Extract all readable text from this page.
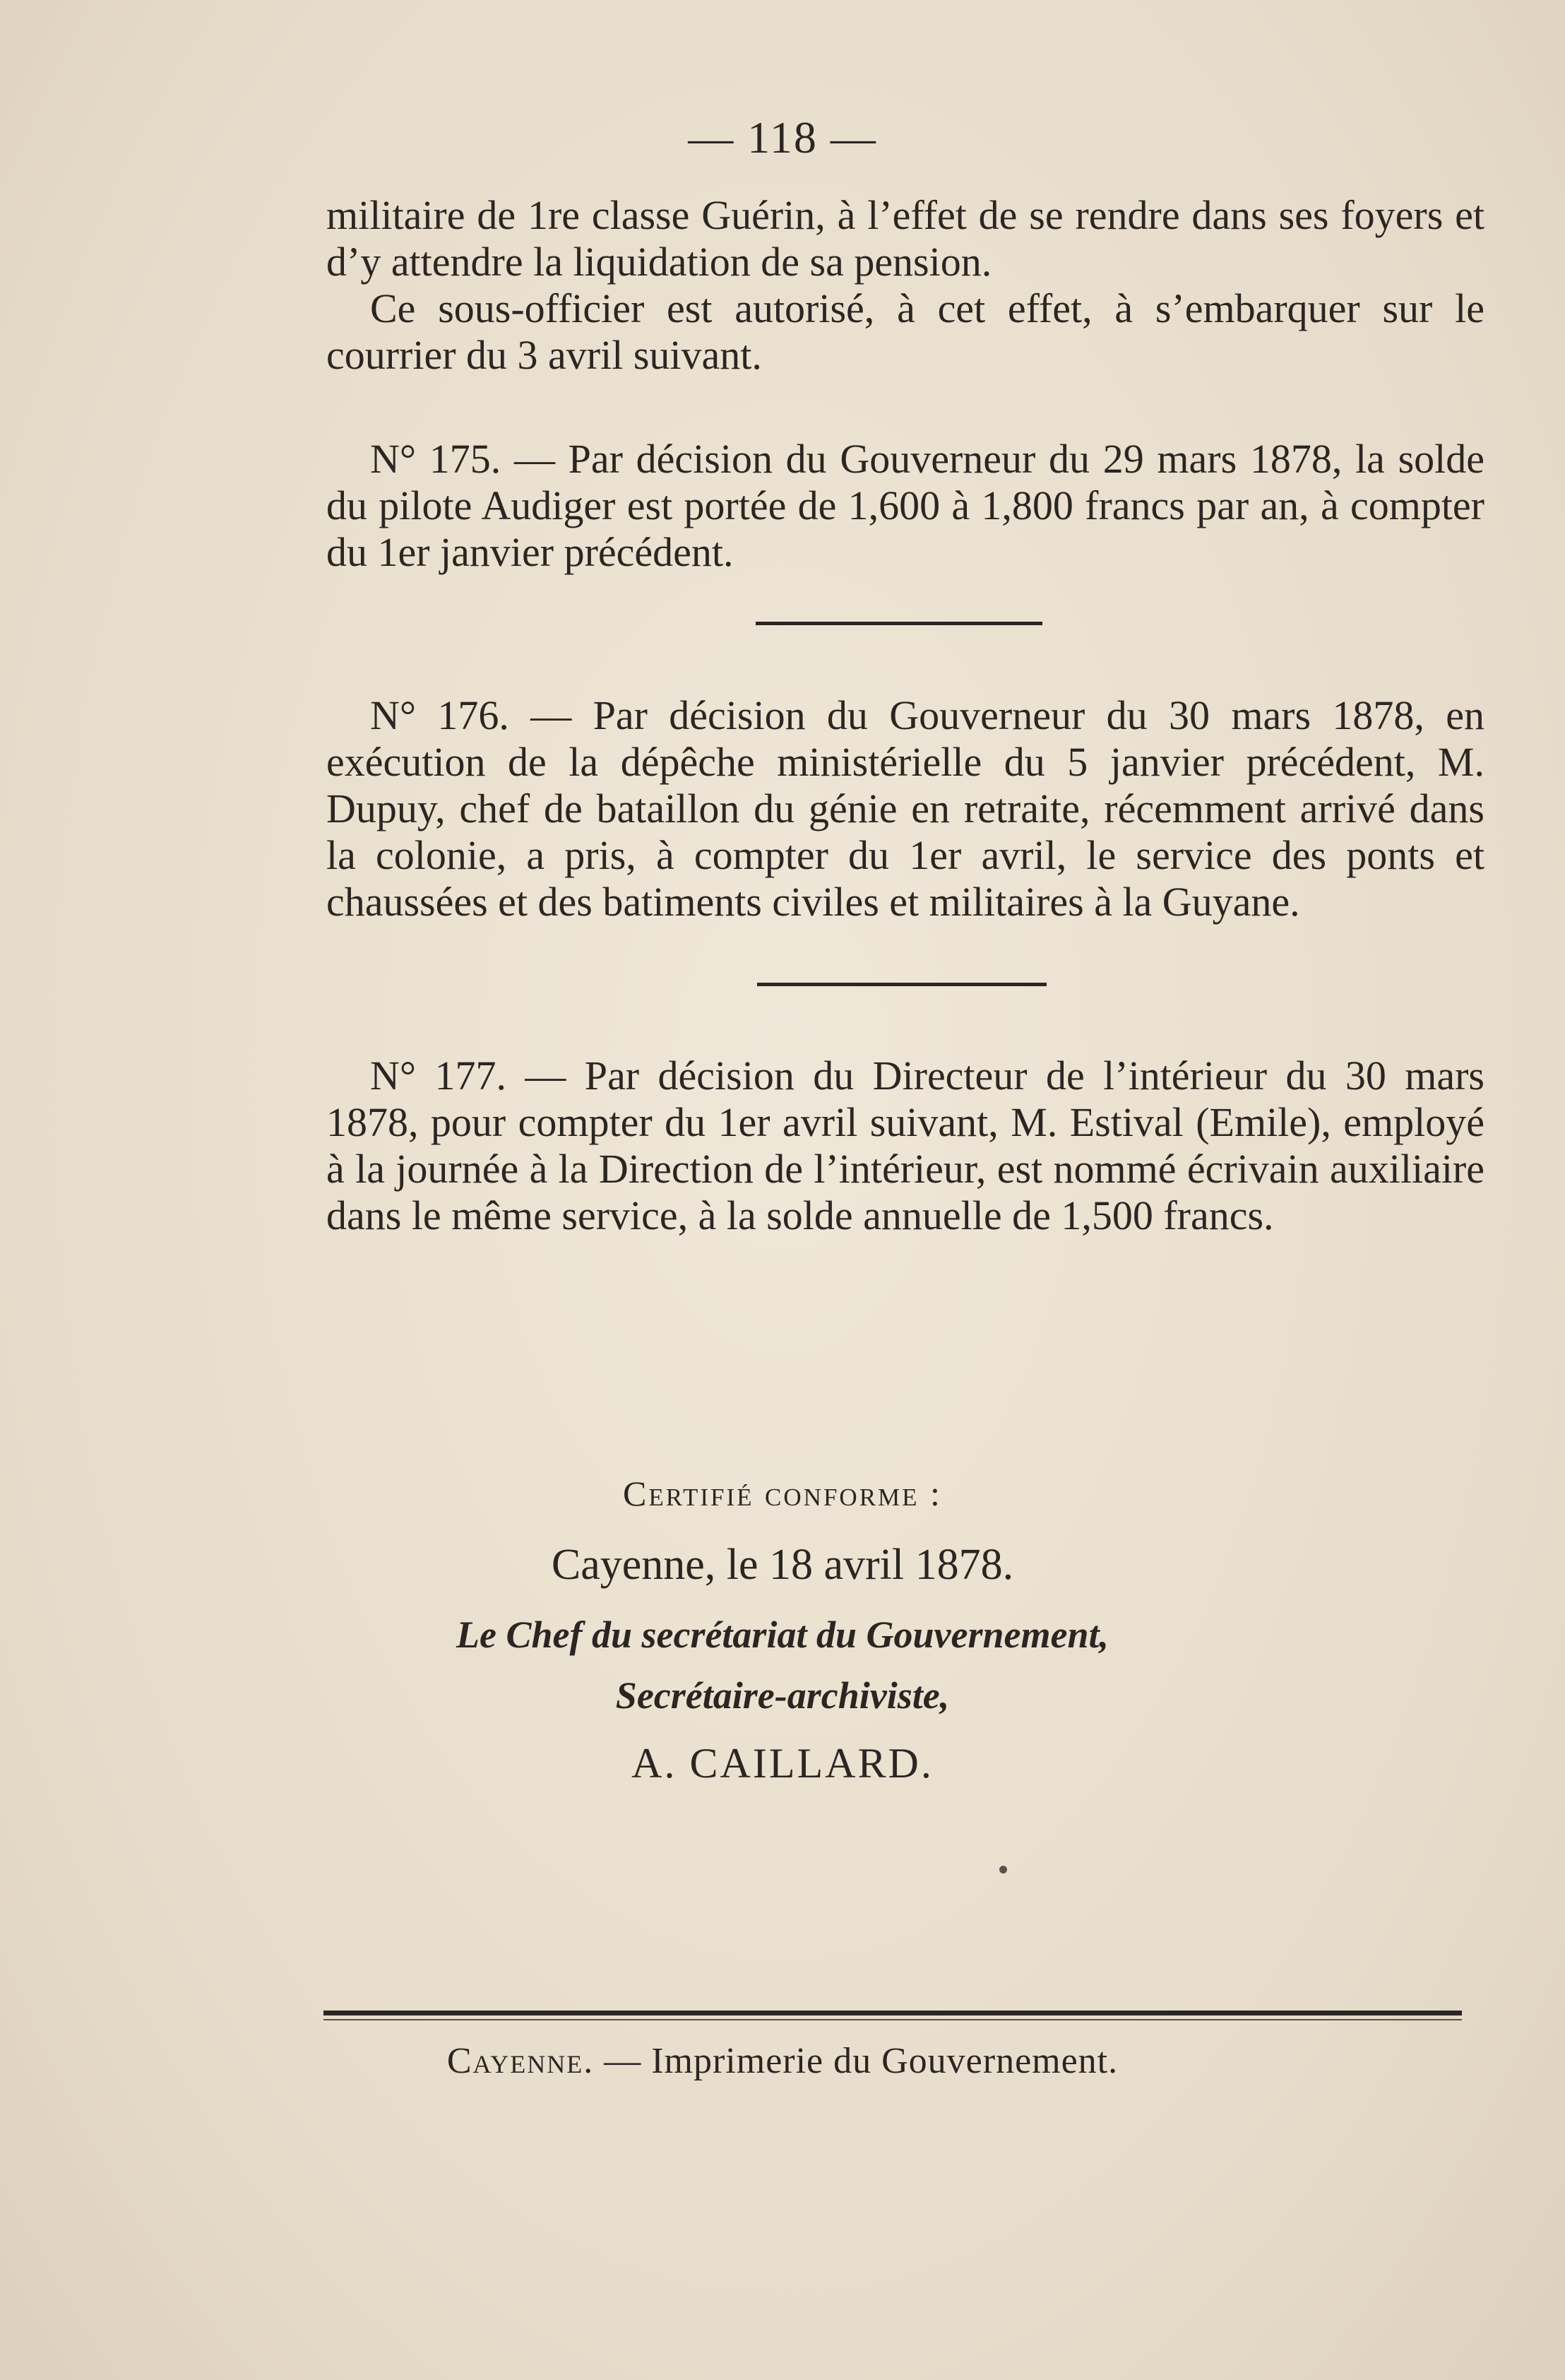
— 118 —

militaire de 1re classe Guérin, à l’effet de se rendre dans ses foyers et d’y attendre la liquidation de sa pension.

Ce sous-officier est autorisé, à cet effet, à s’embarquer sur le courrier du 3 avril suivant.

N° 175. — Par décision du Gouverneur du 29 mars 1878, la solde du pilote Audiger est portée de 1,600 à 1,800 francs par an, à compter du 1er janvier précédent.

N° 176. — Par décision du Gouverneur du 30 mars 1878, en exécution de la dépêche ministérielle du 5 janvier précédent, M. Dupuy, chef de bataillon du génie en retraite, récemment arrivé dans la colonie, a pris, à compter du 1er avril, le service des ponts et chaussées et des batiments civiles et militaires à la Guyane.

N° 177. — Par décision du Directeur de l’intérieur du 30 mars 1878, pour compter du 1er avril suivant, M. Estival (Emile), employé à la journée à la Direction de l’intérieur, est nommé écrivain auxiliaire dans le même service, à la solde annuelle de 1,500 francs.

Certifié conforme :
Cayenne, le 18 avril 1878.
Le Chef du secrétariat du Gouvernement,
Secrétaire-archiviste,
A. CAILLARD.
Cayenne. — Imprimerie du Gouvernement.
